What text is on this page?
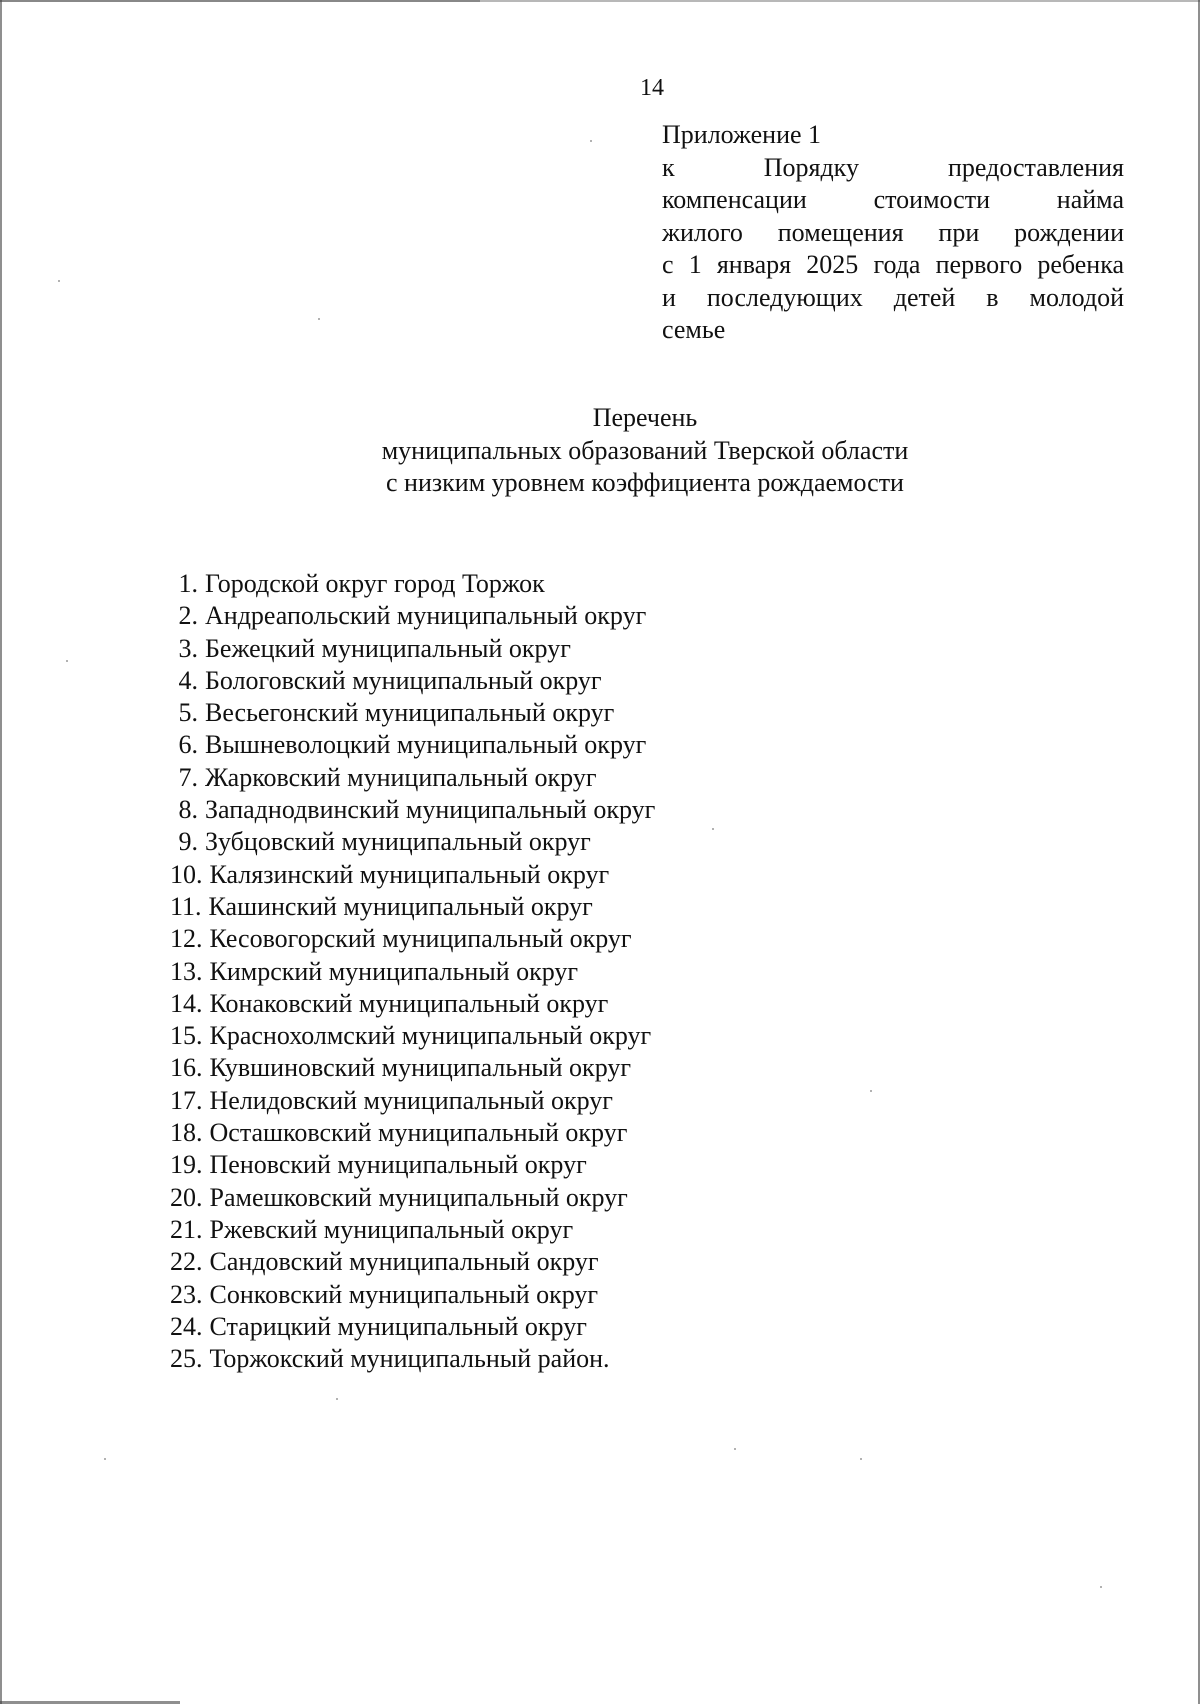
14
Приложение 1
к Порядку предоставления
компенсации стоимости найма
жилого помещения при рождении
с 1 января 2025 года первого ребенка
и последующих детей в молодой
семье
Перечень
муниципальных образований Тверской области
с низким уровнем коэффициента рождаемости
1. Городской округ город Торжок
2. Андреапольский муниципальный округ
3. Бежецкий муниципальный округ
4. Бологовский муниципальный округ
5. Весьегонский муниципальный округ
6. Вышневолоцкий муниципальный округ
7. Жарковский муниципальный округ
8. Западнодвинский муниципальный округ
9. Зубцовский муниципальный округ
10. Калязинский муниципальный округ
11. Кашинский муниципальный округ
12. Кесовогорский муниципальный округ
13. Кимрский муниципальный округ
14. Конаковский муниципальный округ
15. Краснохолмский муниципальный округ
16. Кувшиновский муниципальный округ
17. Нелидовский муниципальный округ
18. Осташковский муниципальный округ
19. Пеновский муниципальный округ
20. Рамешковский муниципальный округ
21. Ржевский муниципальный округ
22. Сандовский муниципальный округ
23. Сонковский муниципальный округ
24. Старицкий муниципальный округ
25. Торжокский муниципальный район.
